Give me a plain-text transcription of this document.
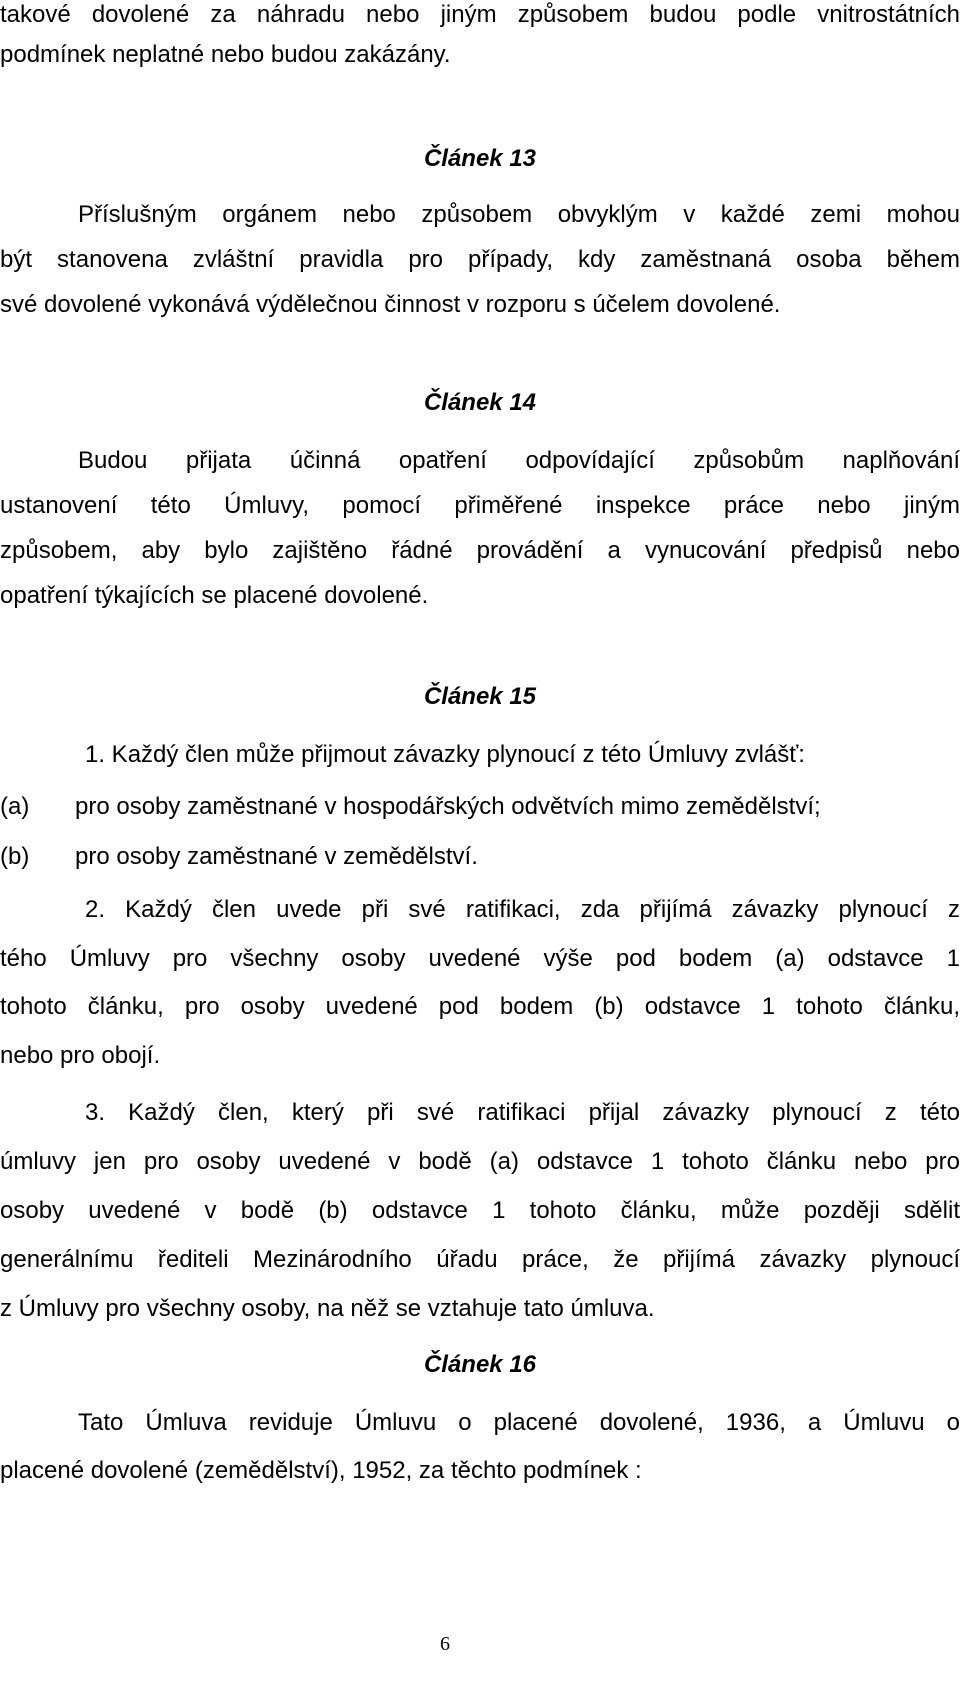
takové dovolené za náhradu nebo jiným způsobem budou podle vnitrostátních
podmínek neplatné nebo budou zakázány.
Článek 13
Příslušným orgánem nebo způsobem obvyklým v každé zemi mohou
být stanovena zvláštní pravidla pro případy, kdy zaměstnaná osoba během
své dovolené vykonává výdělečnou činnost v rozporu s účelem dovolené.
Článek 14
Budou přijata účinná opatření odpovídající způsobům naplňování
ustanovení této Úmluvy, pomocí přiměřené inspekce práce nebo jiným
způsobem, aby bylo zajištěno řádné provádění a vynucování předpisů nebo
opatření týkajících se placené dovolené.
Článek 15
1. Každý člen může přijmout závazky plynoucí z této Úmluvy zvlášť:
(a) pro osoby zaměstnané v hospodářských odvětvích mimo zemědělství;
(b) pro osoby zaměstnané v zemědělství.
2. Každý člen uvede při své ratifikaci, zda přijímá závazky plynoucí z
tého Úmluvy pro všechny osoby uvedené výše pod bodem (a) odstavce 1
tohoto článku, pro osoby uvedené pod bodem (b) odstavce 1 tohoto článku,
nebo pro obojí.
3. Každý člen, který při své ratifikaci přijal závazky plynoucí z této
úmluvy jen pro osoby uvedené v bodě (a) odstavce 1 tohoto článku nebo pro
osoby uvedené v bodě (b) odstavce 1 tohoto článku, může později sdělit
generálnímu řediteli Mezinárodního úřadu práce, že přijímá závazky plynoucí
z Úmluvy pro všechny osoby, na něž se vztahuje tato úmluva.
Článek 16
Tato Úmluva reviduje Úmluvu o placené dovolené, 1936, a Úmluvu o
placené dovolené (zemědělství), 1952, za těchto podmínek :
6
